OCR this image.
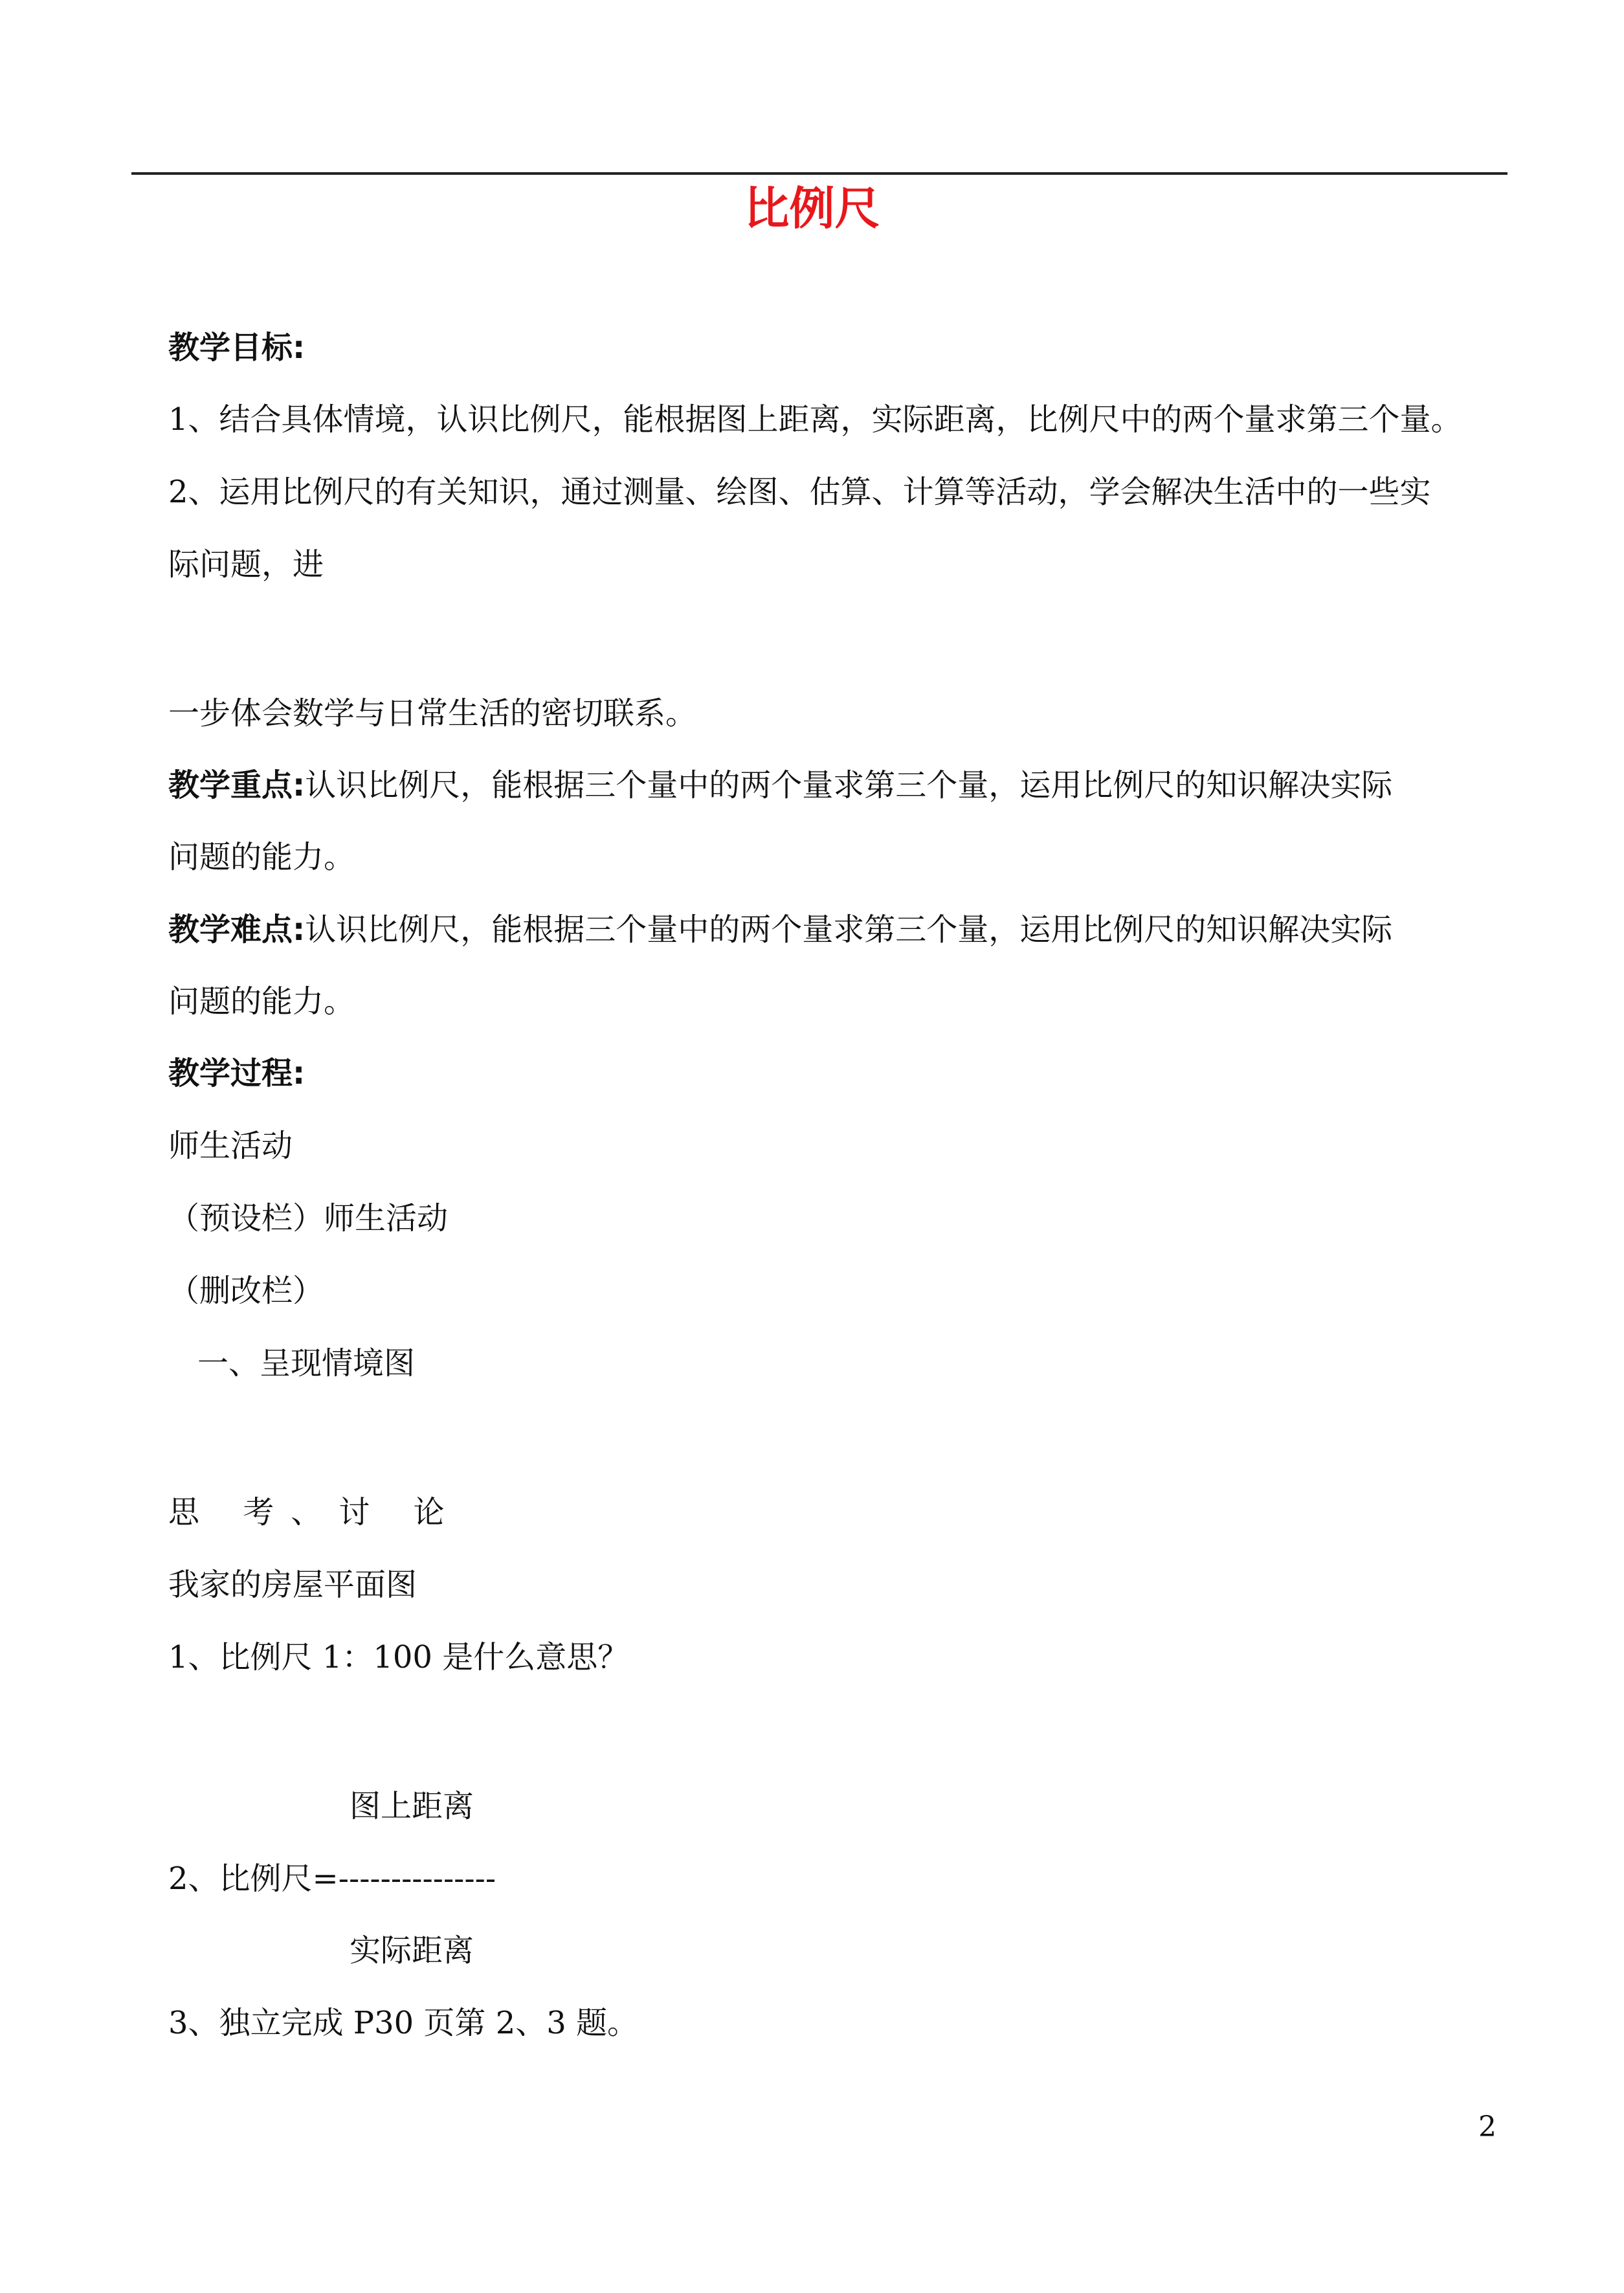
比例尺
教学目标:
1、结合具体情境，认识比例尺，能根据图上距离，实际距离，比例尺中的两个量求第三个量。
2、运用比例尺的有关知识，通过测量、绘图、估算、计算等活动，学会解决生活中的一些实
际问题，进
一步体会数学与日常生活的密切联系。
教学重点:认识比例尺，能根据三个量中的两个量求第三个量，运用比例尺的知识解决实际
问题的能力。
教学难点:认识比例尺，能根据三个量中的两个量求第三个量，运用比例尺的知识解决实际
问题的能力。
教学过程:
师生活动
（预设栏）师生活动
（删改栏）
一、呈现情境图
思 考、讨 论
我家的房屋平面图
1、比例尺 1：100 是什么意思？
图上距离
2、比例尺=---------------
实际距离
3、独立完成 P30 页第 2、3 题。
2
